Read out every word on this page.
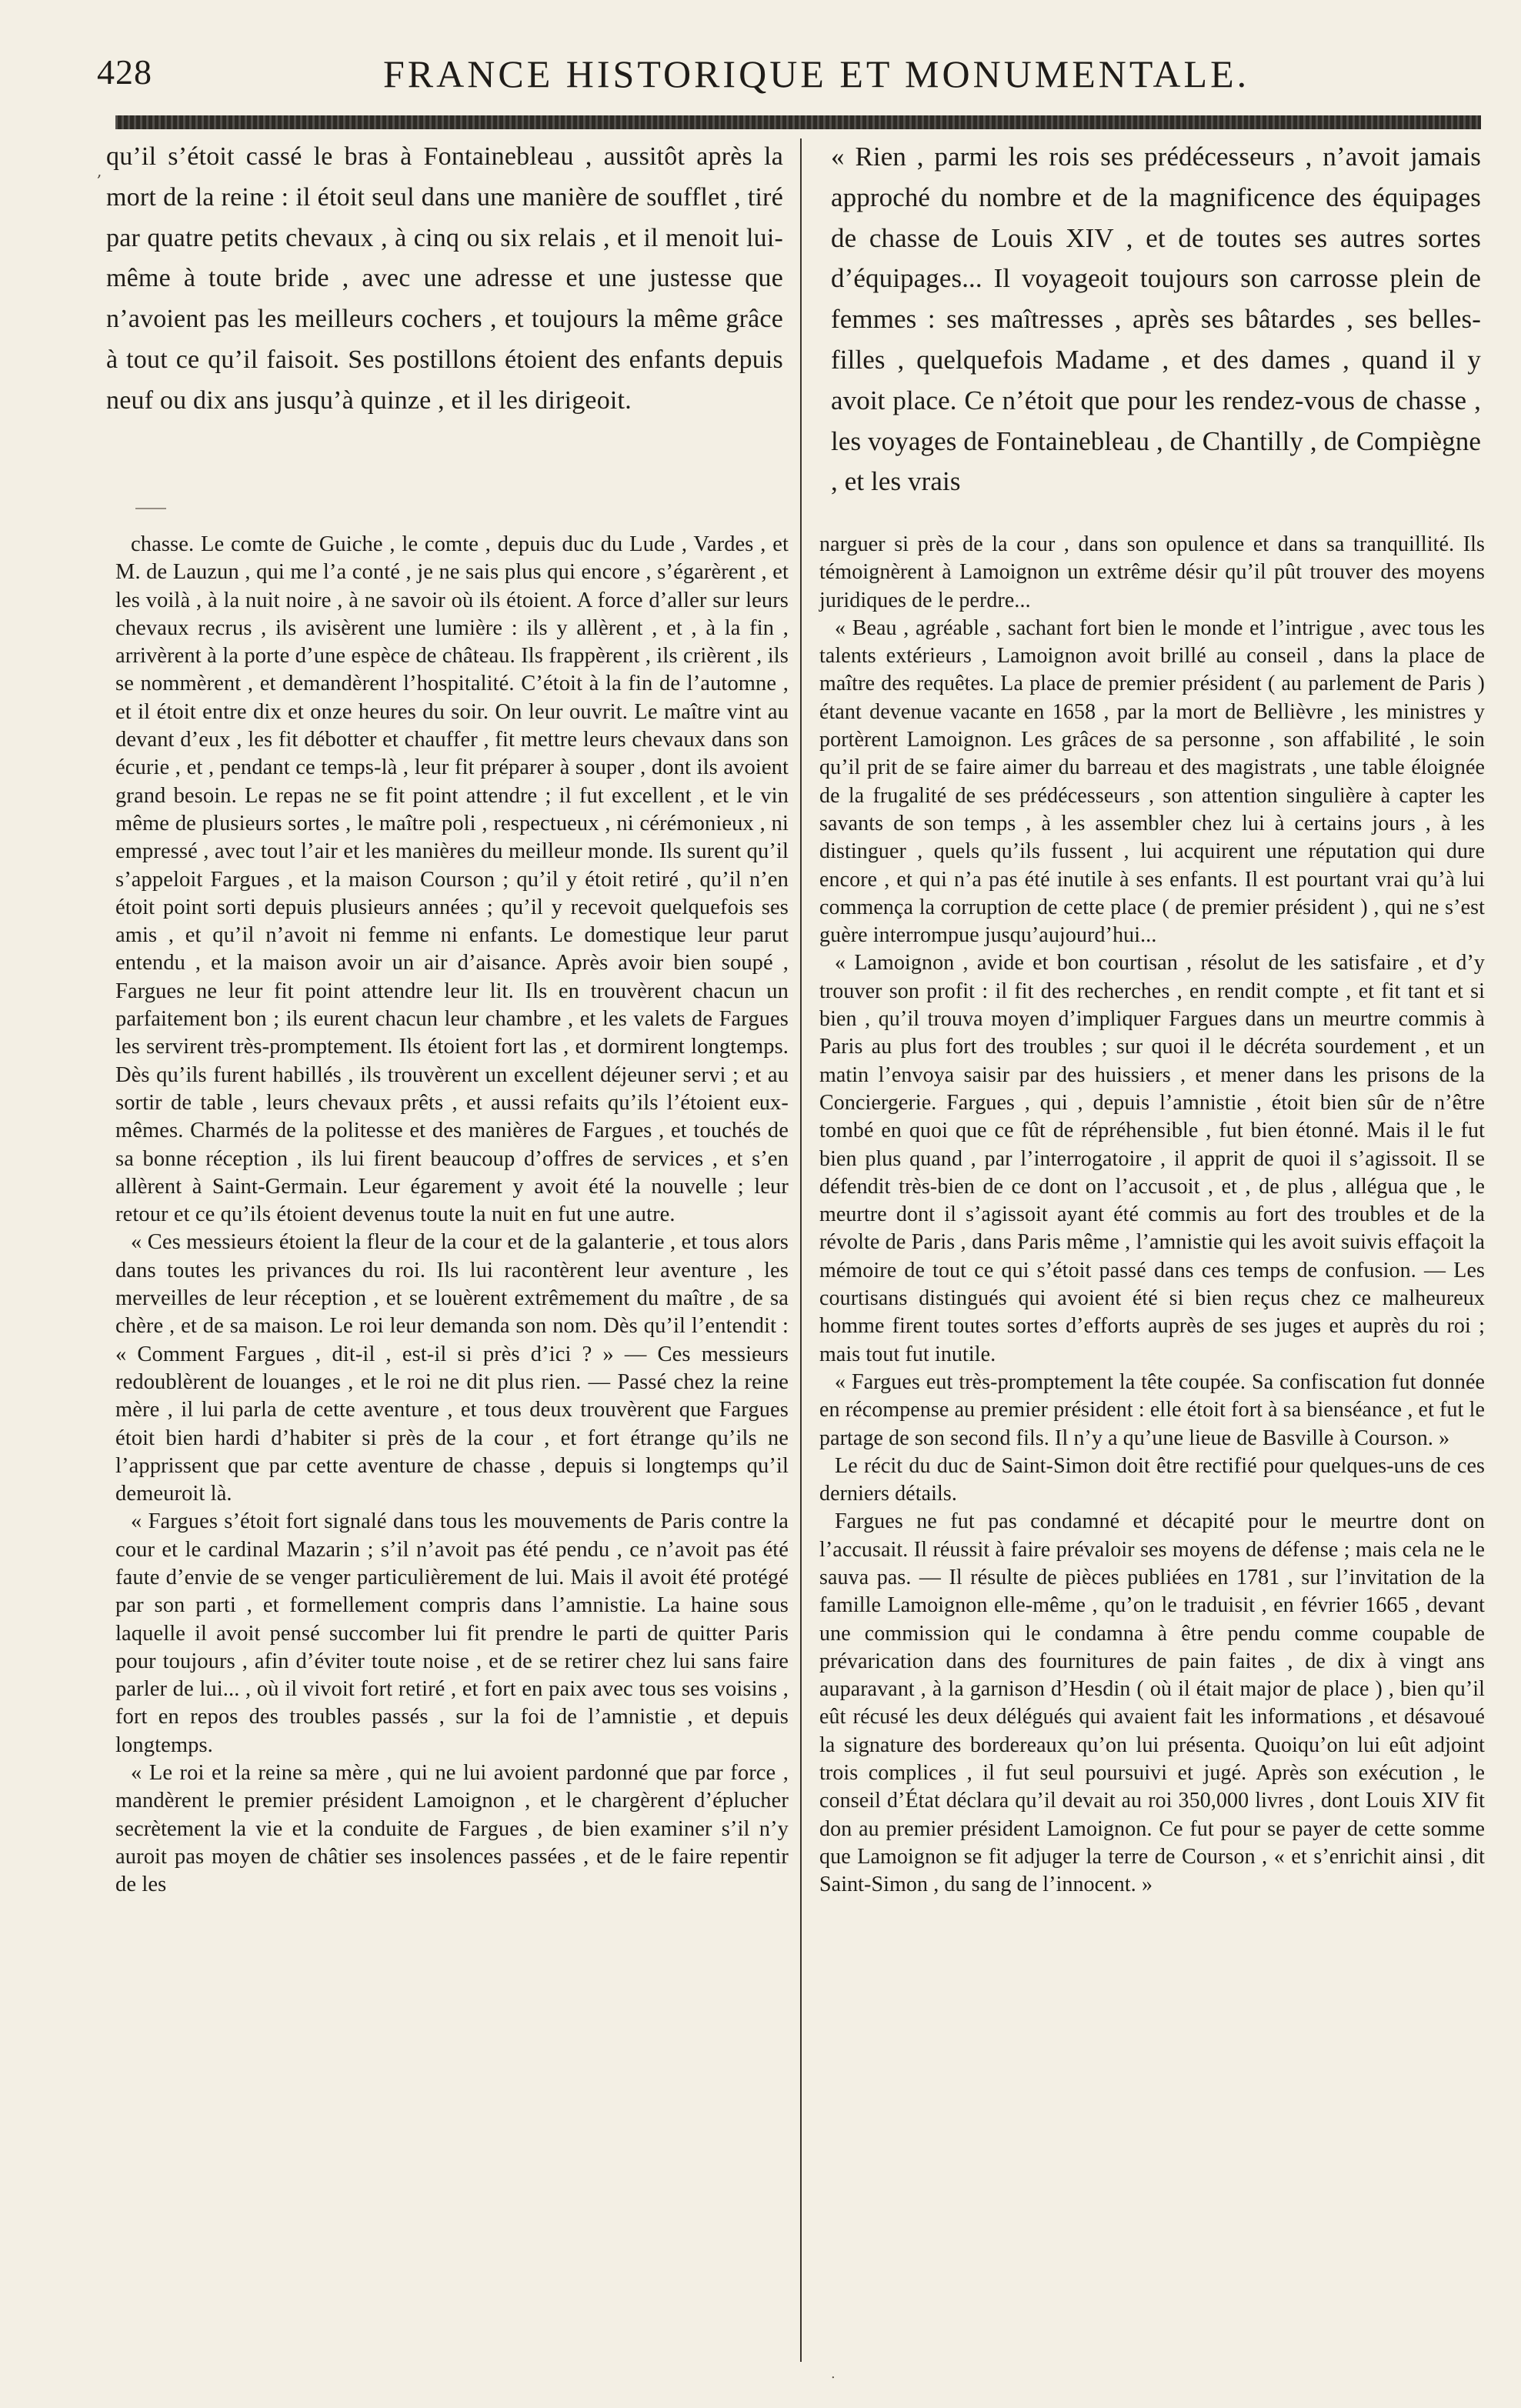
428	FRANCE HISTORIQUE ET MONUMENTALE.
, qu’il s’étoit cassé le bras à Fontainebleau , aussitôt après la mort de la reine : il étoit seul dans une manière de soufflet , tiré par quatre petits chevaux , à cinq ou six relais , et il menoit lui-même à toute bride , avec une adresse et une justesse que n’avoient pas les meilleurs cochers , et toujours la même grâce à tout ce qu’il faisoit. Ses postillons étoient des enfants depuis neuf ou dix ans jusqu’à quinze , et il les dirigeoit.

chasse. Le comte de Guiche , le comte , depuis duc du Lude , Vardes , et M. de Lauzun , qui me l’a conté , je ne sais plus qui encore , s’égarèrent , et les voilà , à la nuit noire , à ne savoir où ils étoient. A force d’aller sur leurs chevaux recrus , ils avisèrent une lumière : ils y allèrent , et , à la fin , arrivèrent à la porte d’une espèce de château. Ils frappèrent , ils crièrent , ils se nommèrent , et demandèrent l’hospitalité. C’étoit à la fin de l’automne , et il étoit entre dix et onze heures du soir. On leur ouvrit. Le maître vint au devant d’eux , les fit débotter et chauffer , fit mettre leurs chevaux dans son écurie , et , pendant ce temps-là , leur fit préparer à souper , dont ils avoient grand besoin. Le repas ne se fit point attendre ; il fut excellent , et le vin même de plusieurs sortes , le maître poli , respectueux , ni cérémonieux , ni empressé , avec tout l’air et les manières du meilleur monde. Ils surent qu’il s’appeloit Fargues , et la maison Courson ; qu’il y étoit retiré , qu’il n’en étoit point sorti depuis plusieurs années ; qu’il y recevoit quelquefois ses amis , et qu’il n’avoit ni femme ni enfants. Le domestique leur parut entendu , et la maison avoir un air d’aisance. Après avoir bien soupé , Fargues ne leur fit point attendre leur lit. Ils en trouvèrent chacun un parfaitement bon ; ils eurent chacun leur chambre , et les valets de Fargues les servirent très-promptement. Ils étoient fort las , et dormirent longtemps. Dès qu’ils furent habillés , ils trouvèrent un excellent déjeuner servi ; et au sortir de table , leurs chevaux prêts , et aussi refaits qu’ils l’étoient eux-mêmes. Charmés de la politesse et des manières de Fargues , et touchés de sa bonne réception , ils lui firent beaucoup d’offres de services , et s’en allèrent à Saint-Germain. Leur égarement y avoit été la nouvelle ; leur retour et ce qu’ils étoient devenus toute la nuit en fut une autre.

« Ces messieurs étoient la fleur de la cour et de la galanterie , et tous alors dans toutes les privances du roi. Ils lui racontèrent leur aventure , les merveilles de leur réception , et se louèrent extrêmement du maître , de sa chère , et de sa maison. Le roi leur demanda son nom. Dès qu’il l’entendit : « Comment Fargues , dit-il , est-il si près d’ici ? » — Ces messieurs redoublèrent de louanges , et le roi ne dit plus rien. — Passé chez la reine mère , il lui parla de cette aventure , et tous deux trouvèrent que Fargues étoit bien hardi d’habiter si près de la cour , et fort étrange qu’ils ne l’apprissent que par cette aventure de chasse , depuis si longtemps qu’il demeuroit là.

« Fargues s’étoit fort signalé dans tous les mouvements de Paris contre la cour et le cardinal Mazarin ; s’il n’avoit pas été pendu , ce n’avoit pas été faute d’envie de se venger particulièrement de lui. Mais il avoit été protégé par son parti , et formellement compris dans l’amnistie. La haine sous laquelle il avoit pensé succomber lui fit prendre le parti de quitter Paris pour toujours , afin d’éviter toute noise , et de se retirer chez lui sans faire parler de lui... , où il vivoit fort retiré , et fort en paix avec tous ses voisins , fort en repos des troubles passés , sur la foi de l’amnistie , et depuis longtemps.

« Le roi et la reine sa mère , qui ne lui avoient pardonné que par force , mandèrent le premier président Lamoignon , et le chargèrent d’éplucher secrètement la vie et la conduite de Fargues , de bien examiner s’il n’y auroit pas moyen de châtier ses insolences passées , et de le faire repentir de les

« Rien , parmi les rois ses prédécesseurs , n’avoit jamais approché du nombre et de la magnificence des équipages de chasse de Louis XIV , et de toutes ses autres sortes d’équipages... Il voyageoit toujours son carrosse plein de femmes : ses maîtresses , après ses bâtardes , ses belles-filles , quelquefois Madame , et des dames , quand il y avoit place. Ce n’étoit que pour les rendez-vous de chasse , les voyages de Fontainebleau , de Chantilly , de Compiègne , et les vrais

narguer si près de la cour , dans son opulence et dans sa tranquillité. Ils témoignèrent à Lamoignon un extrême désir qu’il pût trouver des moyens juridiques de le perdre...

« Beau , agréable , sachant fort bien le monde et l’intrigue , avec tous les talents extérieurs , Lamoignon avoit brillé au conseil , dans la place de maître des requêtes. La place de premier président ( au parlement de Paris ) étant devenue vacante en 1658 , par la mort de Bellièvre , les ministres y portèrent Lamoignon. Les grâces de sa personne , son affabilité , le soin qu’il prit de se faire aimer du barreau et des magistrats , une table éloignée de la frugalité de ses prédécesseurs , son attention singulière à capter les savants de son temps , à les assembler chez lui à certains jours , à les distinguer , quels qu’ils fussent , lui acquirent une réputation qui dure encore , et qui n’a pas été inutile à ses enfants. Il est pourtant vrai qu’à lui commença la corruption de cette place ( de premier président ) , qui ne s’est guère interrompue jusqu’aujourd’hui...

« Lamoignon , avide et bon courtisan , résolut de les satisfaire , et d’y trouver son profit : il fit des recherches , en rendit compte , et fit tant et si bien , qu’il trouva moyen d’impliquer Fargues dans un meurtre commis à Paris au plus fort des troubles ; sur quoi il le décréta sourdement , et un matin l’envoya saisir par des huissiers , et mener dans les prisons de la Conciergerie. Fargues , qui , depuis l’amnistie , étoit bien sûr de n’être tombé en quoi que ce fût de répréhensible , fut bien étonné. Mais il le fut bien plus quand , par l’interrogatoire , il apprit de quoi il s’agissoit. Il se défendit très-bien de ce dont on l’accusoit , et , de plus , allégua que , le meurtre dont il s’agissoit ayant été commis au fort des troubles et de la révolte de Paris , dans Paris même , l’amnistie qui les avoit suivis effaçoit la mémoire de tout ce qui s’étoit passé dans ces temps de confusion. — Les courtisans distingués qui avoient été si bien reçus chez ce malheureux homme firent toutes sortes d’efforts auprès de ses juges et auprès du roi ; mais tout fut inutile.

« Fargues eut très-promptement la tête coupée. Sa confiscation fut donnée en récompense au premier président : elle étoit fort à sa bienséance , et fut le partage de son second fils. Il n’y a qu’une lieue de Basville à Courson. »

Le récit du duc de Saint-Simon doit être rectifié pour quelques-uns de ces derniers détails.

Fargues ne fut pas condamné et décapité pour le meurtre dont on l’accusait. Il réussit à faire prévaloir ses moyens de défense ; mais cela ne le sauva pas. — Il résulte de pièces publiées en 1781 , sur l’invitation de la famille Lamoignon elle-même , qu’on le traduisit , en février 1665 , devant une commission qui le condamna à être pendu comme coupable de prévarication dans des fournitures de pain faites , de dix à vingt ans auparavant , à la garnison d’Hesdin ( où il était major de place ) , bien qu’il eût récusé les deux délégués qui avaient fait les informations , et désavoué la signature des bordereaux qu’on lui présenta. Quoiqu’on lui eût adjoint trois complices , il fut seul poursuivi et jugé. Après son exécution , le conseil d’État déclara qu’il devait au roi 350,000 livres , dont Louis XIV fit don au premier président Lamoignon. Ce fut pour se payer de cette somme que Lamoignon se fit adjuger la terre de Courson , « et s’enrichit ainsi , dit Saint-Simon , du sang de l’innocent. »

.
